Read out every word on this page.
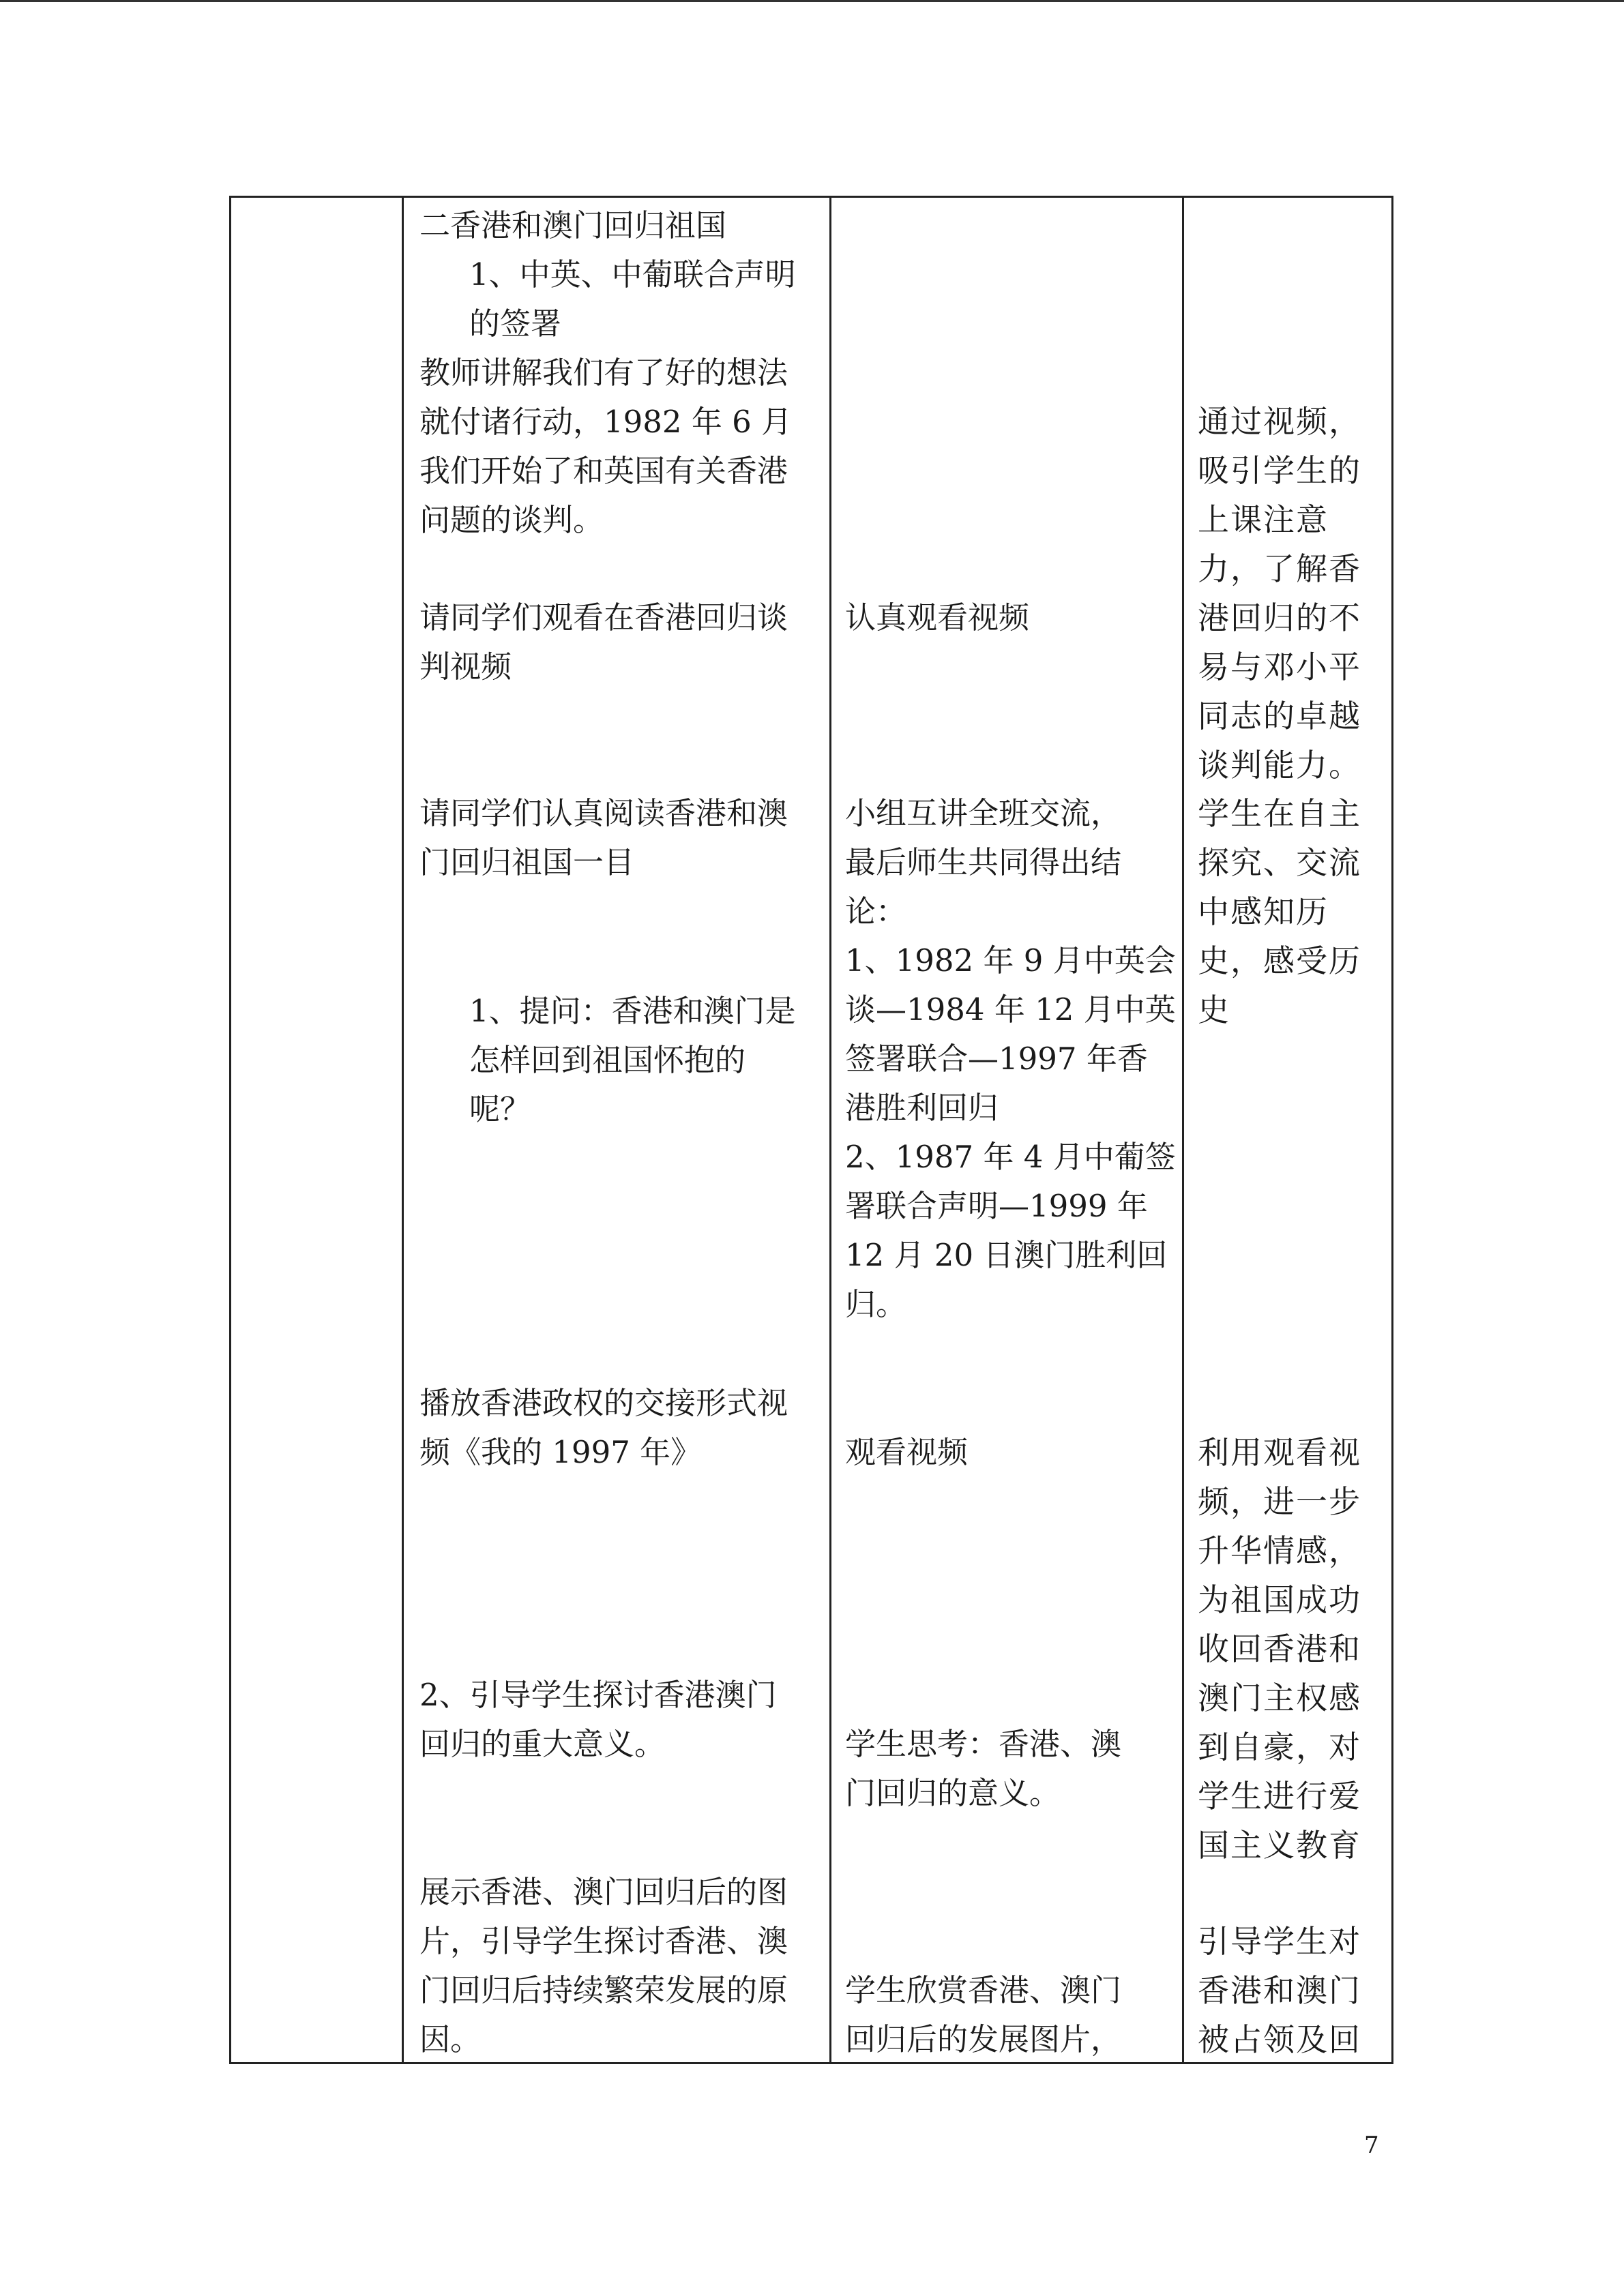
二香港和澳门回归祖国
1、中英、中葡联合声明
的签署
教师讲解我们有了好的想法
就付诸行动，1982 年 6 月
我们开始了和英国有关香港
问题的谈判。
请同学们观看在香港回归谈
判视频
请同学们认真阅读香港和澳
门回归祖国一目
1、提问：香港和澳门是
怎样回到祖国怀抱的
呢？
播放香港政权的交接形式视
频《我的 1997 年》
2、引导学生探讨香港澳门
回归的重大意义。
展示香港、澳门回归后的图
片，引导学生探讨香港、澳
门回归后持续繁荣发展的原
因。
认真观看视频
小组互讲全班交流，
最后师生共同得出结
论：
1、1982 年 9 月中英会
谈—1984 年 12 月中英
签署联合—1997 年香
港胜利回归
2、1987 年 4 月中葡签
署联合声明—1999 年
12 月 20 日澳门胜利回
归。
观看视频
学生思考：香港、澳
门回归的意义。
学生欣赏香港、澳门
回归后的发展图片，
通过视频，
吸引学生的
上课注意
力，了解香
港回归的不
易与邓小平
同志的卓越
谈判能力。
学生在自主
探究、交流
中感知历
史，感受历
史
利用观看视
频，进一步
升华情感，
为祖国成功
收回香港和
澳门主权感
到自豪，对
学生进行爱
国主义教育
引导学生对
香港和澳门
被占领及回
7
